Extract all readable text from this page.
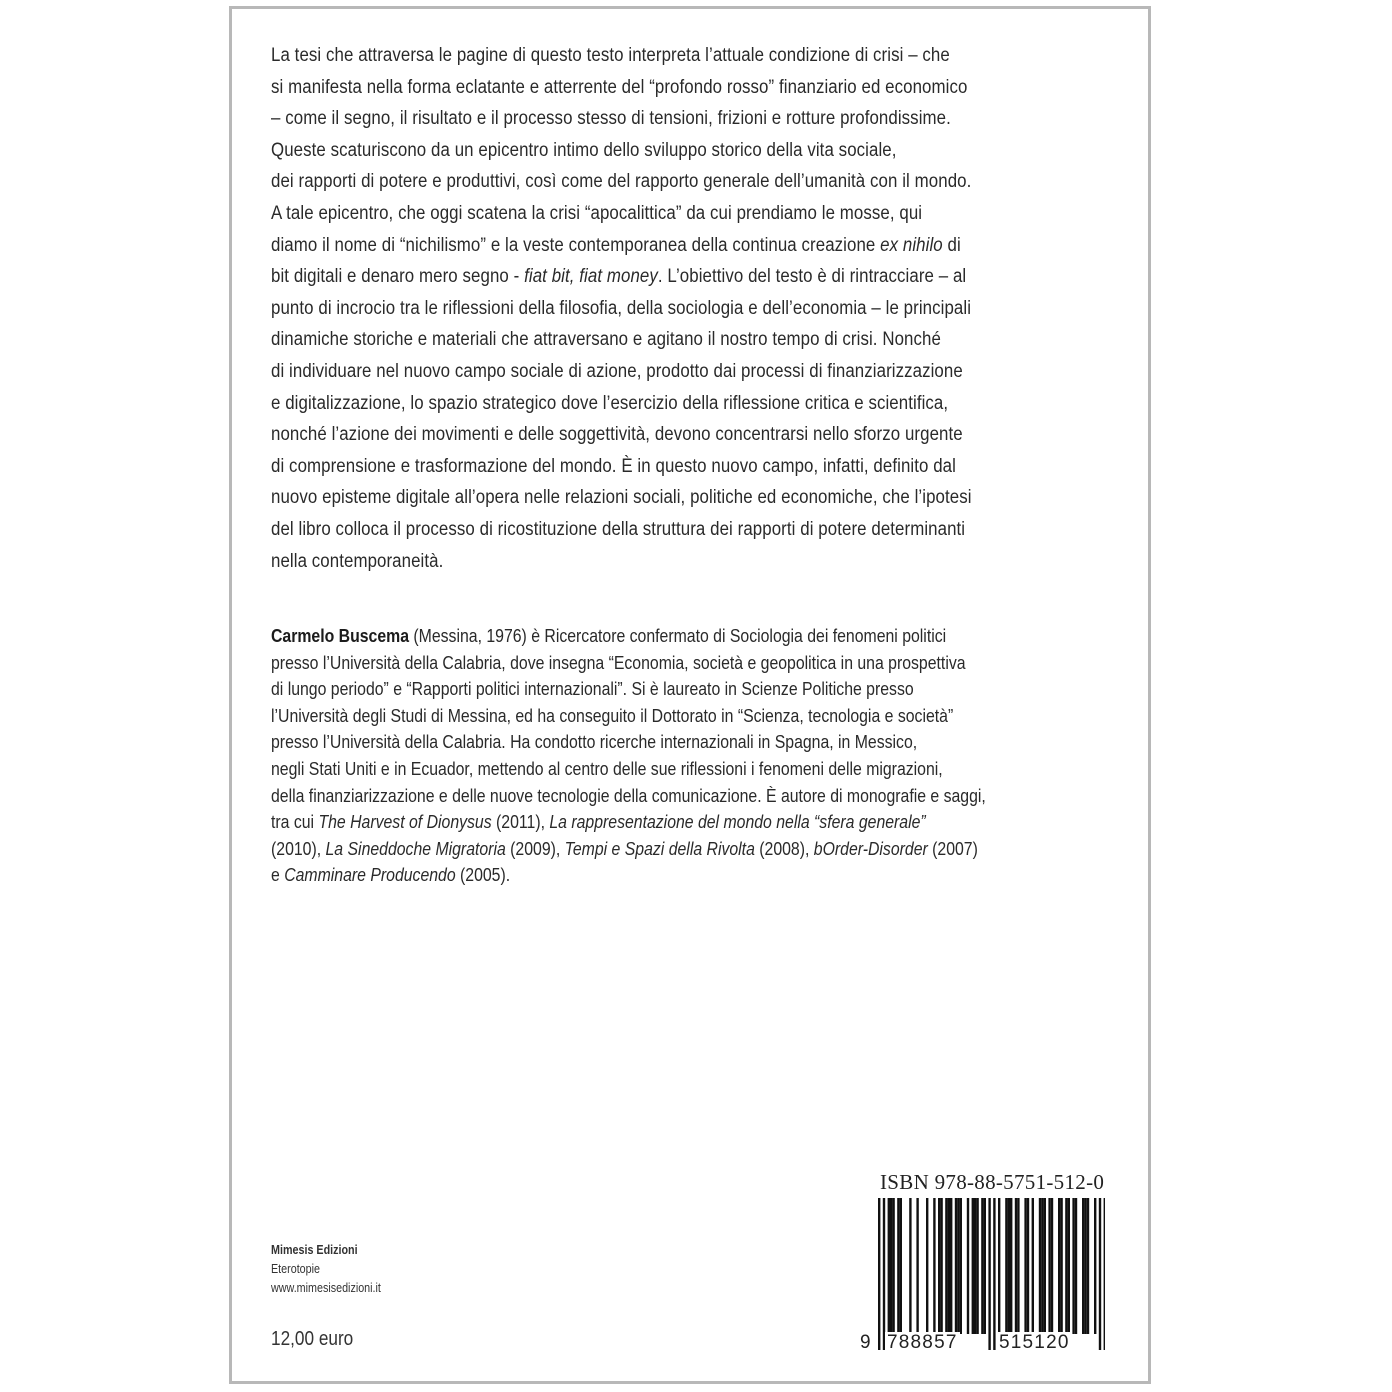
La tesi che attraversa le pagine di questo testo interpreta l’attuale condizione di crisi – che
si manifesta nella forma eclatante e atterrente del “profondo rosso” finanziario ed economico
– come il segno, il risultato e il processo stesso di tensioni, frizioni e rotture profondissime.
Queste scaturiscono da un epicentro intimo dello sviluppo storico della vita sociale,
dei rapporti di potere e produttivi, così come del rapporto generale dell’umanità con il mondo.
A tale epicentro, che oggi scatena la crisi “apocalittica” da cui prendiamo le mosse, qui
diamo il nome di “nichilismo” e la veste contemporanea della continua creazione ex nihilo di
bit digitali e denaro mero segno - fiat bit, fiat money. L’obiettivo del testo è di rintracciare – al
punto di incrocio tra le riflessioni della filosofia, della sociologia e dell’economia – le principali
dinamiche storiche e materiali che attraversano e agitano il nostro tempo di crisi. Nonché
di individuare nel nuovo campo sociale di azione, prodotto dai processi di finanziarizzazione
e digitalizzazione, lo spazio strategico dove l’esercizio della riflessione critica e scientifica,
nonché l’azione dei movimenti e delle soggettività, devono concentrarsi nello sforzo urgente
di comprensione e trasformazione del mondo. È in questo nuovo campo, infatti, definito dal
nuovo episteme digitale all’opera nelle relazioni sociali, politiche ed economiche, che l’ipotesi
del libro colloca il processo di ricostituzione della struttura dei rapporti di potere determinanti
nella contemporaneità.
Carmelo Buscema (Messina, 1976) è Ricercatore confermato di Sociologia dei fenomeni politici
presso l’Università della Calabria, dove insegna “Economia, società e geopolitica in una prospettiva
di lungo periodo” e “Rapporti politici internazionali”. Si è laureato in Scienze Politiche presso
l’Università degli Studi di Messina, ed ha conseguito il Dottorato in “Scienza, tecnologia e società”
presso l’Università della Calabria. Ha condotto ricerche internazionali in Spagna, in Messico,
negli Stati Uniti e in Ecuador, mettendo al centro delle sue riflessioni i fenomeni delle migrazioni,
della finanziarizzazione e delle nuove tecnologie della comunicazione. È autore di monografie e saggi,
tra cui The Harvest of Dionysus (2011), La rappresentazione del mondo nella “sfera generale”
(2010), La Sineddoche Migratoria (2009), Tempi e Spazi della Rivolta (2008), bOrder-Disorder (2007)
e Camminare Producendo (2005).
Mimesis Edizioni
Eterotopie
www.mimesisedizioni.it
12,00 euro
ISBN 978-88-5751-512-0
9 788857 515120
